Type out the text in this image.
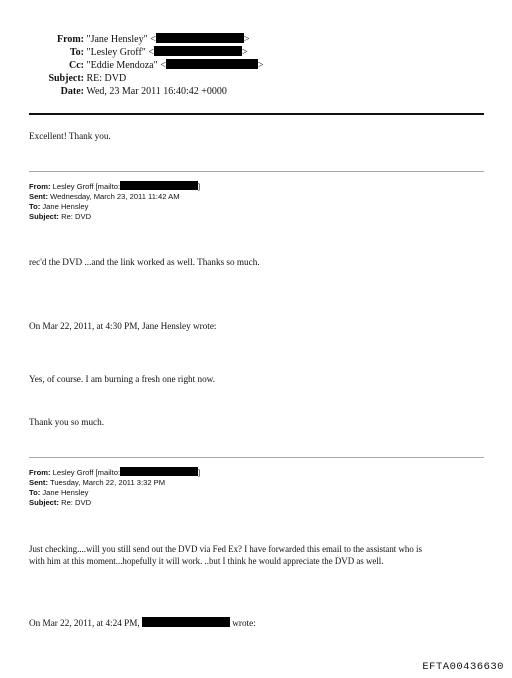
From: "Jane Hensley" <	>
To: "Lesley Groff" <	>
Cc: "Eddie Mendoza" <	>
Subject: RE: DVD
Date: Wed, 23 Mar 2011 16:40:42 +0000
Excellent! Thank you.
From: Lesley Groff [mailto:	]
Sent: Wednesday, March 23, 2011 11:42 AM
To: Jane Hensley
Subject: Re: DVD
rec'd the DVD ...and the link worked as well. Thanks so much.
On Mar 22, 2011, at 4:30 PM, Jane Hensley wrote:
Yes, of course. I am burning a fresh one right now.
Thank you so much.
From: Lesley Groff [mailto:	]
Sent: Tuesday, March 22, 2011 3:32 PM
To: Jane Hensley
Subject: Re: DVD
Just checking....will you still send out the DVD via Fed Ex? I have forwarded this email to the assistant who is
with him at this moment...hopefully it will work. ..but I think he would appreciate the DVD as well.
On Mar 22, 2011, at 4:24 PM,	wrote:
EFTA00436630
